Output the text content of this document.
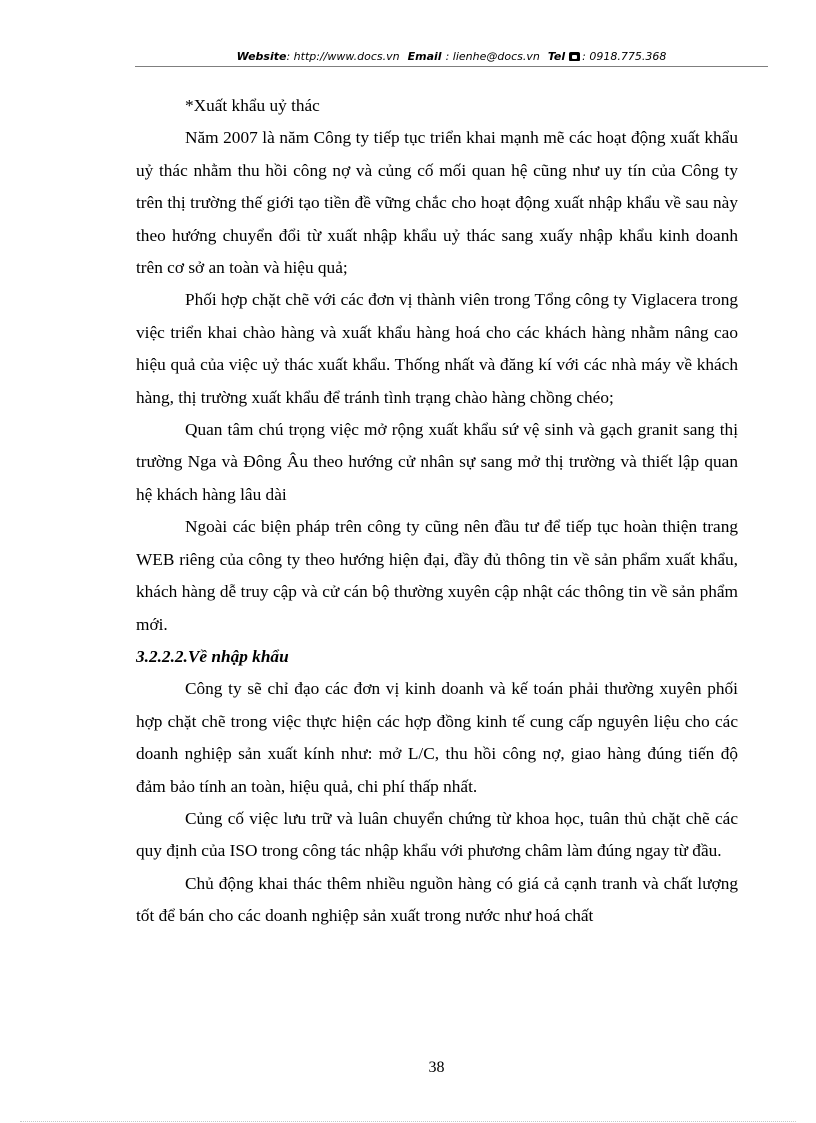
Website: http://www.docs.vn Email : lienhe@docs.vn Tel : 0918.775.368

*Xuất khẩu uỷ thác

Năm 2007 là năm Công ty tiếp tục triển khai mạnh mẽ các hoạt động xuất khẩu uỷ thác nhằm thu hồi công nợ và củng cố mối quan hệ cũng như uy tín của Công ty trên thị trường thế giới tạo tiền đề vững chắc cho hoạt động xuất nhập khẩu về sau này theo hướng chuyển đổi từ xuất nhập khẩu uỷ thác sang xuấy nhập khẩu kinh doanh trên cơ sở an toàn và hiệu quả;

Phối hợp chặt chẽ với các đơn vị thành viên trong Tổng công ty Viglacera trong việc triển khai chào hàng và xuất khẩu hàng hoá cho các khách hàng nhằm nâng cao hiệu quả của việc uỷ thác xuất khẩu. Thống nhất và đăng kí với các nhà máy về khách hàng, thị trường xuất khẩu để tránh tình trạng chào hàng chồng chéo;

Quan tâm chú trọng việc mở rộng xuất khẩu sứ vệ sinh và gạch granit sang thị trường Nga và Đông Âu theo hướng cử nhân sự sang mở thị trường và thiết lập quan hệ khách hàng lâu dài

Ngoài các biện pháp trên công ty cũng nên đầu tư để tiếp tục hoàn thiện trang WEB riêng của công ty theo hướng hiện đại, đầy đủ thông tin về sản phẩm xuất khẩu, khách hàng dễ truy cập và cử cán bộ thường xuyên cập nhật các thông tin về sản phẩm mới.

3.2.2.2.Về nhập khẩu

Công ty sẽ chỉ đạo các đơn vị kinh doanh và kế toán phải thường xuyên phối hợp chặt chẽ trong việc thực hiện các hợp đồng kinh tế cung cấp nguyên liệu cho các doanh nghiệp sản xuất kính như: mở L/C, thu hồi công nợ, giao hàng đúng tiến độ đảm bảo tính an toàn, hiệu quả, chi phí thấp nhất.

Củng cố việc lưu trữ và luân chuyển chứng từ khoa học, tuân thủ chặt chẽ các quy định của ISO trong công tác nhập khẩu với phương châm làm đúng ngay từ đầu.

Chủ động khai thác thêm nhiều nguồn hàng có giá cả cạnh tranh và chất lượng tốt để bán cho các doanh nghiệp sản xuất trong nước như hoá chất

38
